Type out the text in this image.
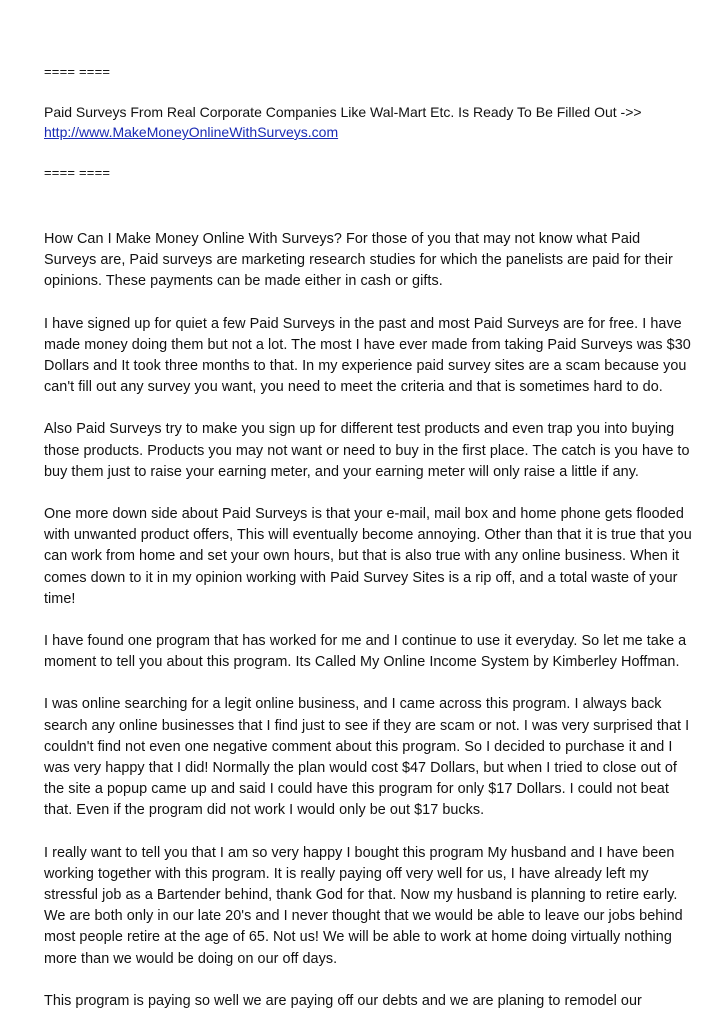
==== ====

Paid Surveys From Real Corporate Companies Like Wal-Mart Etc. Is Ready To Be Filled Out ->>
http://www.MakeMoneyOnlineWithSurveys.com

==== ====

How Can I Make Money Online With Surveys? For those of you that may not know what Paid Surveys are, Paid surveys are marketing research studies for which the panelists are paid for their opinions. These payments can be made either in cash or gifts.

I have signed up for quiet a few Paid Surveys in the past and most Paid Surveys are for free. I have made money doing them but not a lot. The most I have ever made from taking Paid Surveys was $30 Dollars and It took three months to that. In my experience paid survey sites are a scam because you can't fill out any survey you want, you need to meet the criteria and that is sometimes hard to do.

Also Paid Surveys try to make you sign up for different test products and even trap you into buying those products. Products you may not want or need to buy in the first place. The catch is you have to buy them just to raise your earning meter, and your earning meter will only raise a little if any.

One more down side about Paid Surveys is that your e-mail, mail box and home phone gets flooded with unwanted product offers, This will eventually become annoying. Other than that it is true that you can work from home and set your own hours, but that is also true with any online business. When it comes down to it in my opinion working with Paid Survey Sites is a rip off, and a total waste of your time!

I have found one program that has worked for me and I continue to use it everyday. So let me take a moment to tell you about this program. Its Called My Online Income System by Kimberley Hoffman.

I was online searching for a legit online business, and I came across this program. I always back search any online businesses that I find just to see if they are scam or not. I was very surprised that I couldn't find not even one negative comment about this program. So I decided to purchase it and I was very happy that I did! Normally the plan would cost $47 Dollars, but when I tried to close out of the site a popup came up and said I could have this program for only $17 Dollars. I could not beat that. Even if the program did not work I would only be out $17 bucks.

I really want to tell you that I am so very happy I bought this program My husband and I have been working together with this program. It is really paying off very well for us, I have already left my stressful job as a Bartender behind, thank God for that. Now my husband is planning to retire early. We are both only in our late 20's and I never thought that we would be able to leave our jobs behind most people retire at the age of 65. Not us! We will be able to work at home doing virtually nothing more than we would be doing on our off days.

This program is paying so well we are paying off our debts and we are planing to remodel our
